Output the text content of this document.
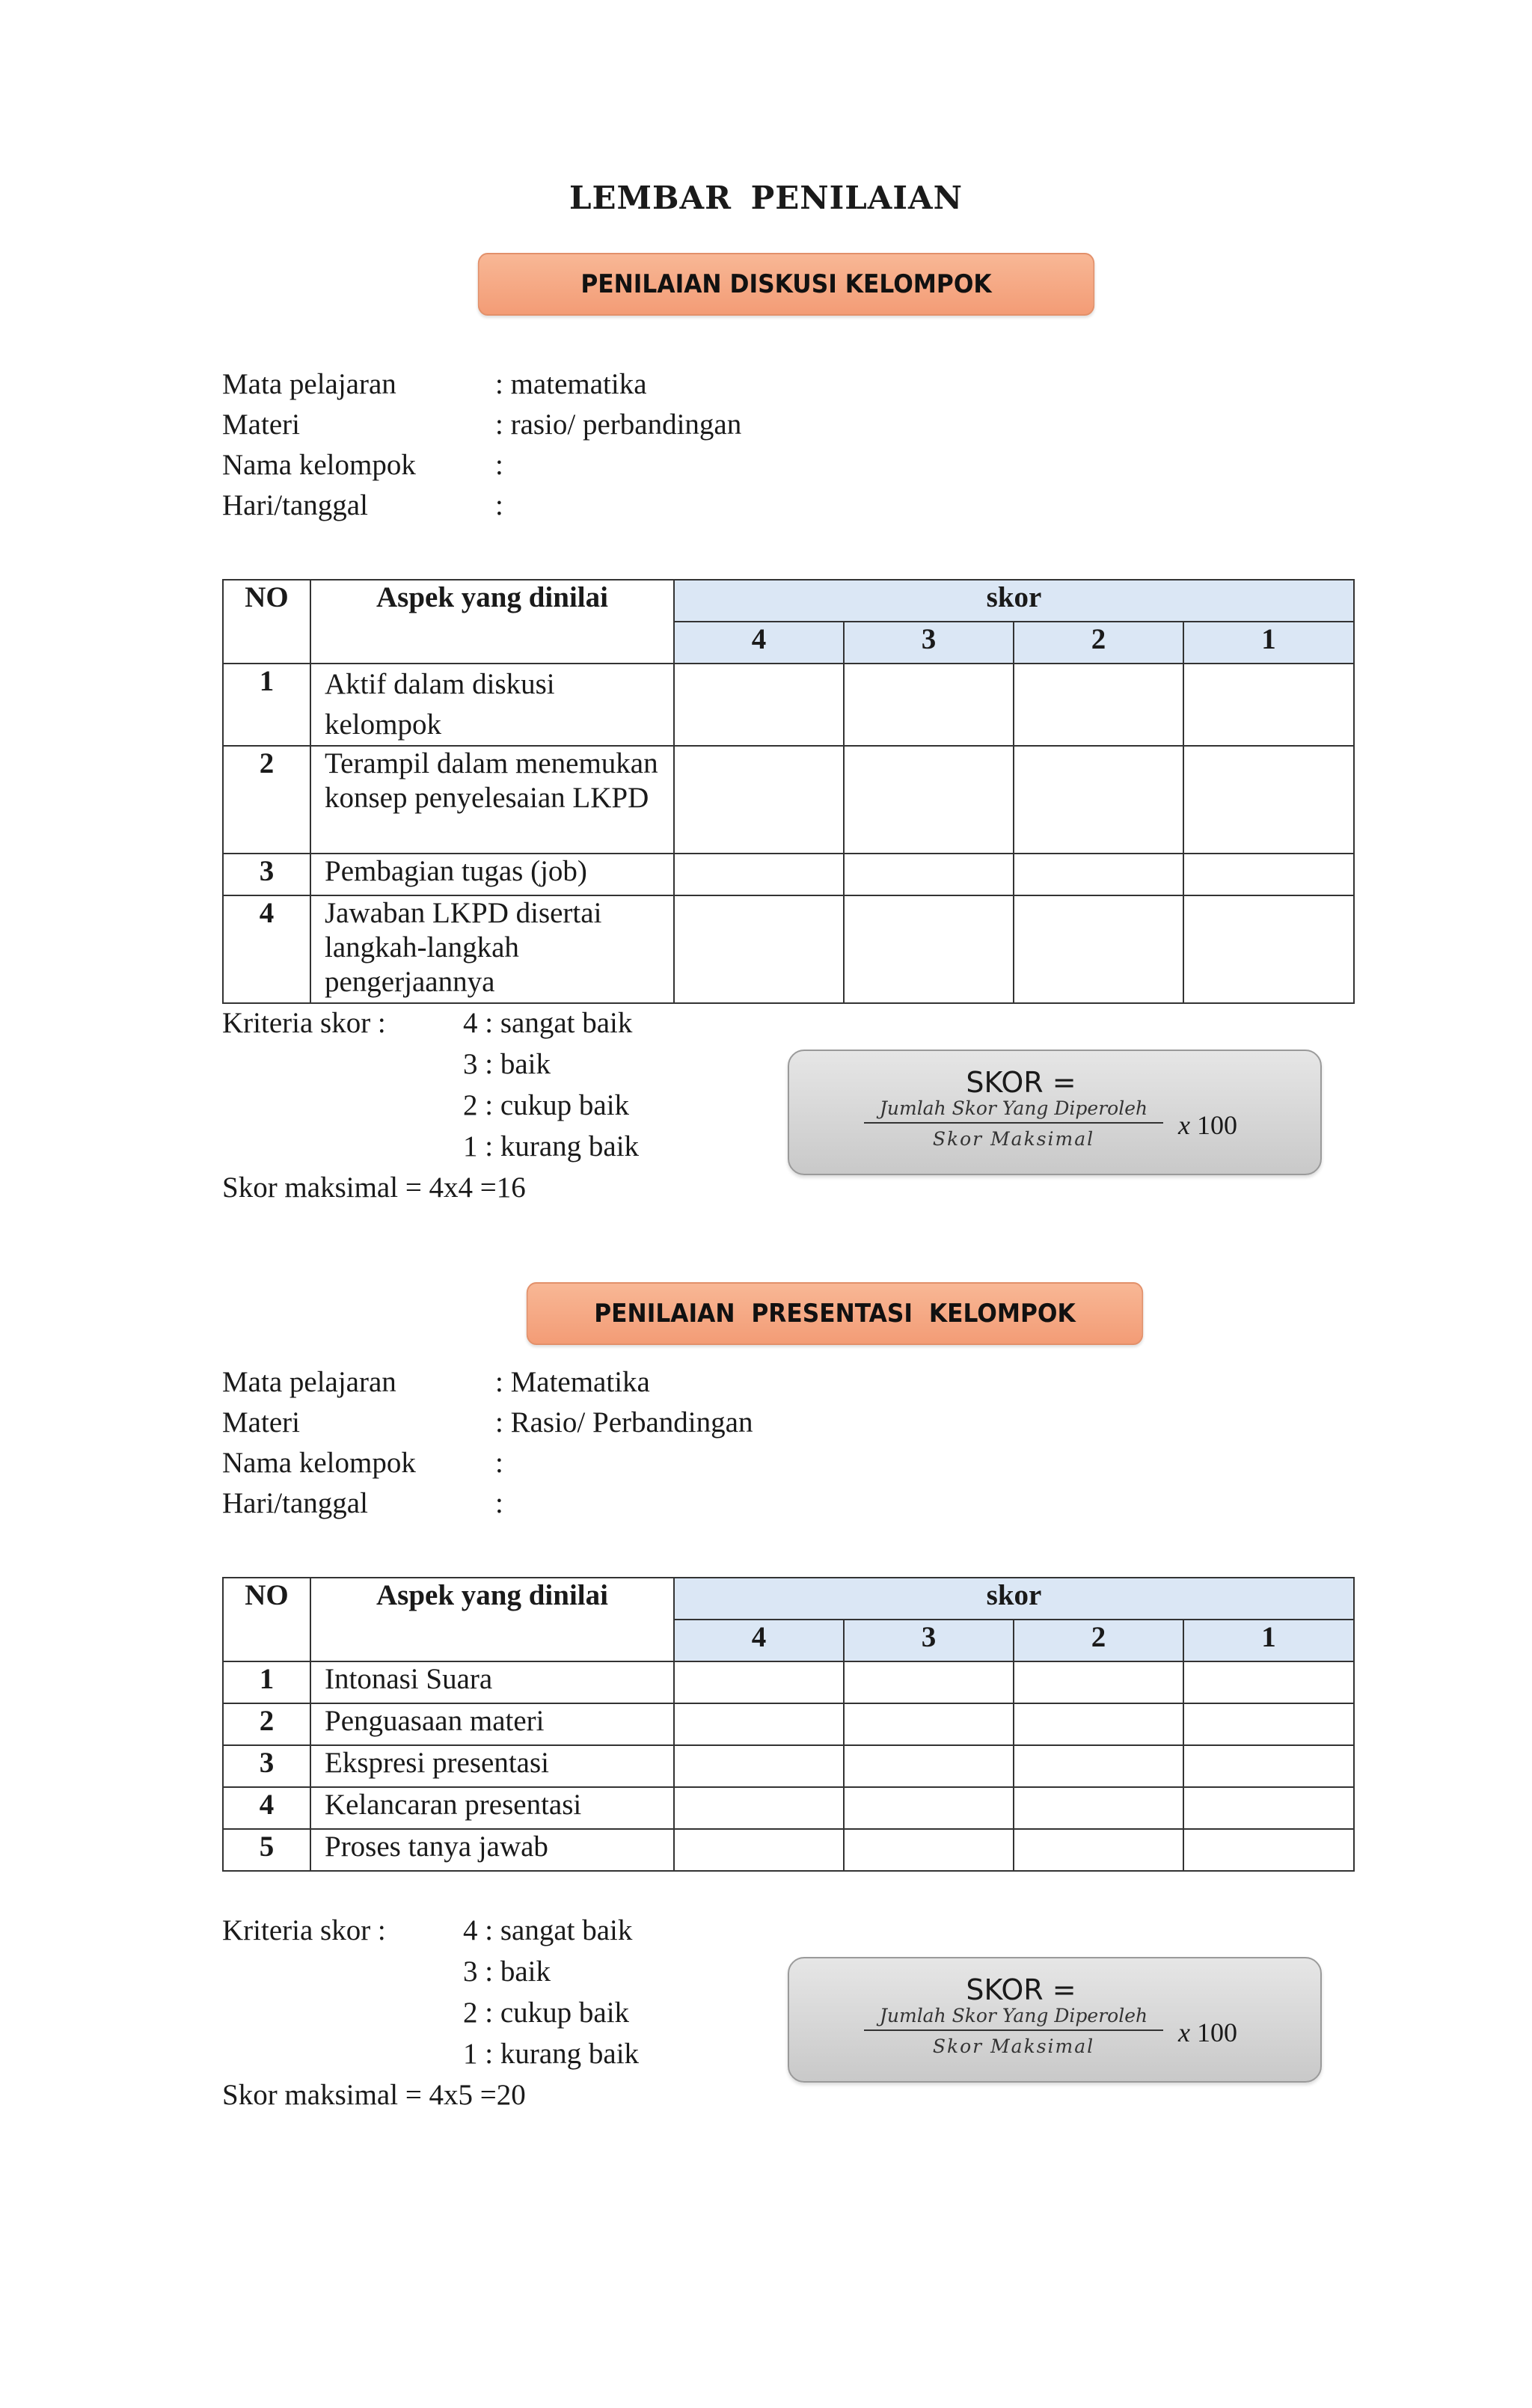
LEMBAR PENILAIAN
PENILAIAN DISKUSI KELOMPOK
Mata pelajaran	: matematika
Materi	: rasio/ perbandingan
Nama kelompok	:
Hari/tanggal	:
NO	Aspek yang dinilai	skor			
		4	3	2	1
1	Aktif dalam diskusi kelompok				
2	Terampil dalam menemukan konsep penyelesaian LKPD				
3	Pembagian tugas (job)				
4	Jawaban LKPD disertai langkah-langkah pengerjaannya				
Kriteria skor :	4 : sangat baik
3 : baik
2 : cukup baik
1 : kurang baik
Skor maksimal = 4x4 =16
SKOR =
Jumlah Skor Yang Diperoleh
Skor Maksimal	x 100
PENILAIAN  PRESENTASI  KELOMPOK
Mata pelajaran	: Matematika
Materi	: Rasio/ Perbandingan
Nama kelompok	:
Hari/tanggal	:
NO	Aspek yang dinilai	skor			
		4	3	2	1
1	Intonasi Suara				
2	Penguasaan materi				
3	Ekspresi presentasi				
4	Kelancaran presentasi				
5	Proses tanya jawab				
Kriteria skor :	4 : sangat baik
3 : baik
2 : cukup baik
1 : kurang baik
Skor maksimal = 4x5 =20
SKOR =
Jumlah Skor Yang Diperoleh
Skor Maksimal	x 100
